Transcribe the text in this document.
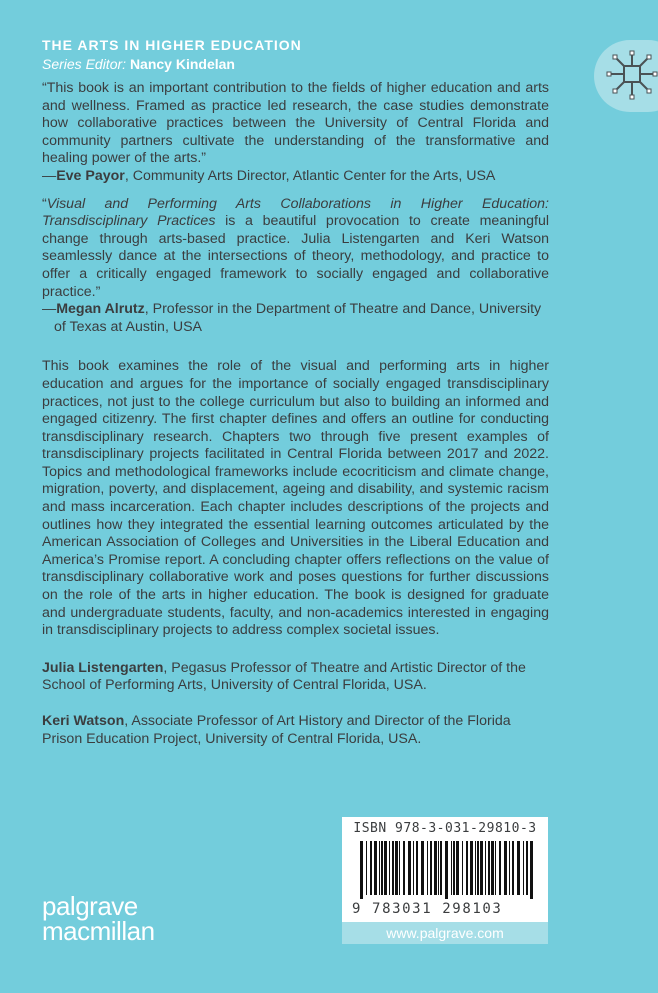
THE ARTS IN HIGHER EDUCATION
Series Editor: Nancy Kindelan

“This book is an important contribution to the fields of higher education and arts and wellness. Framed as practice led research, the case studies demonstrate how collaborative practices between the University of Central Florida and community partners cultivate the understanding of the transformative and healing power of the arts.”

—Eve Payor, Community Arts Director, Atlantic Center for the Arts, USA

“Visual and Performing Arts Collaborations in Higher Education: Transdisciplinary Practices is a beautiful provocation to create meaningful change through arts-based practice. Julia Listengarten and Keri Watson seamlessly dance at the intersections of theory, methodology, and practice to offer a critically engaged framework to socially engaged and collaborative practice.”

—Megan Alrutz, Professor in the Department of Theatre and Dance, University of Texas at Austin, USA

This book examines the role of the visual and performing arts in higher education and argues for the importance of socially engaged transdisciplinary practices, not just to the college curriculum but also to building an informed and engaged citizenry. The first chapter defines and offers an outline for conducting transdisciplinary research. Chapters two through five present examples of transdisciplinary projects facilitated in Central Florida between 2017 and 2022. Topics and methodological frameworks include ecocriticism and climate change, migration, poverty, and displacement, ageing and disability, and systemic racism and mass incarceration. Each chapter includes descriptions of the projects and outlines how they integrated the essential learning outcomes articulated by the American Association of Colleges and Universities in the Liberal Education and America’s Promise report. A concluding chapter offers reflections on the value of transdisciplinary collaborative work and poses questions for further discussions on the role of the arts in higher education. The book is designed for graduate and undergraduate students, faculty, and non-academics interested in engaging in transdisciplinary projects to address complex societal issues.

Julia Listengarten, Pegasus Professor of Theatre and Artistic Director of the School of Performing Arts, University of Central Florida, USA.

Keri Watson, Associate Professor of Art History and Director of the Florida Prison Education Project, University of Central Florida, USA.

ISBN 978-3-031-29810-3
9 783031 298103
www.palgrave.com
palgrave
macmillan
